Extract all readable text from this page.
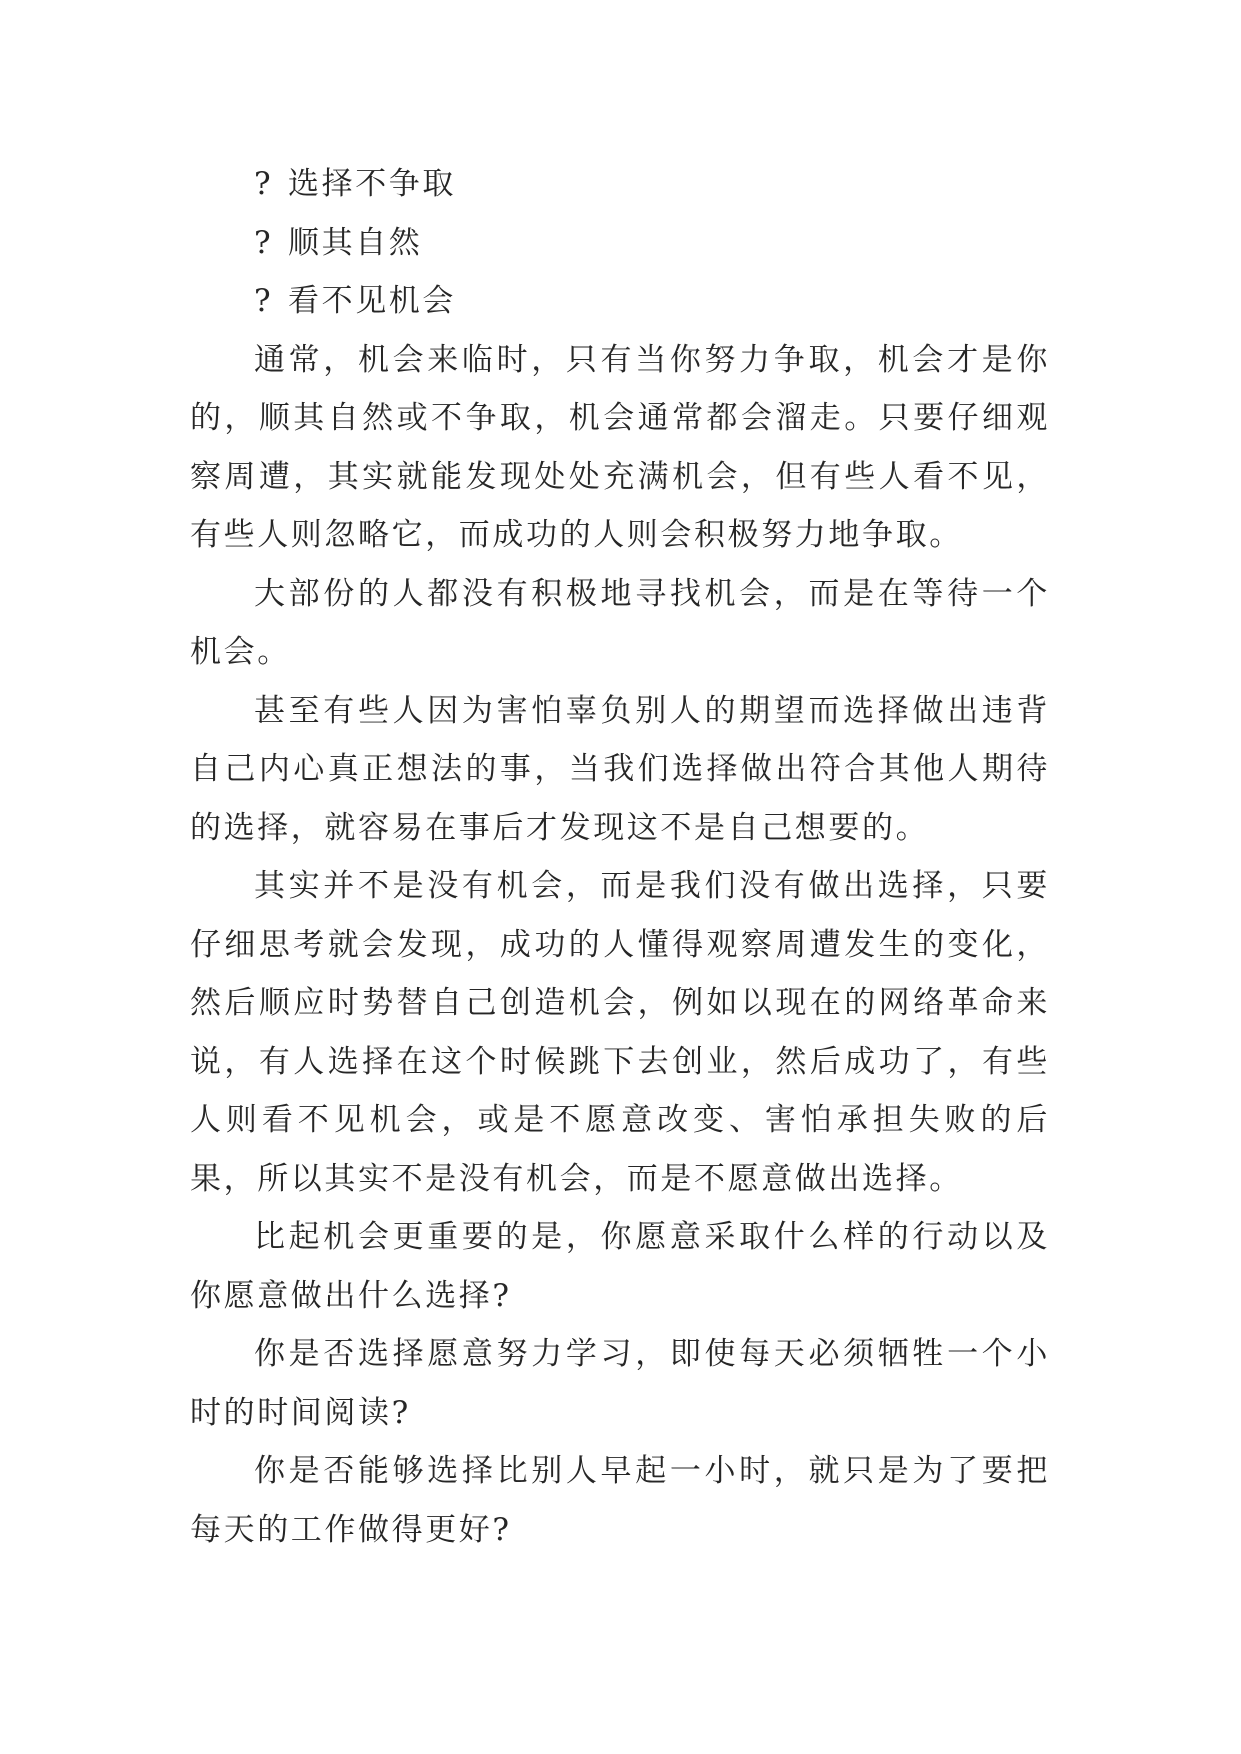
? 选择不争取
? 顺其自然
? 看不见机会

通常，机会来临时，只有当你努力争取，机会才是你的，顺其自然或不争取，机会通常都会溜走。只要仔细观察周遭，其实就能发现处处充满机会，但有些人看不见，有些人则忽略它，而成功的人则会积极努力地争取。

大部份的人都没有积极地寻找机会，而是在等待一个机会。

甚至有些人因为害怕辜负别人的期望而选择做出违背自己内心真正想法的事，当我们选择做出符合其他人期待的选择，就容易在事后才发现这不是自己想要的。

其实并不是没有机会，而是我们没有做出选择，只要仔细思考就会发现，成功的人懂得观察周遭发生的变化，然后顺应时势替自己创造机会，例如以现在的网络革命来说，有人选择在这个时候跳下去创业，然后成功了，有些人则看不见机会，或是不愿意改变、害怕承担失败的后果，所以其实不是没有机会，而是不愿意做出选择。

比起机会更重要的是，你愿意采取什么样的行动以及你愿意做出什么选择?

你是否选择愿意努力学习，即使每天必须牺牲一个小时的时间阅读?

你是否能够选择比别人早起一小时，就只是为了要把每天的工作做得更好?
